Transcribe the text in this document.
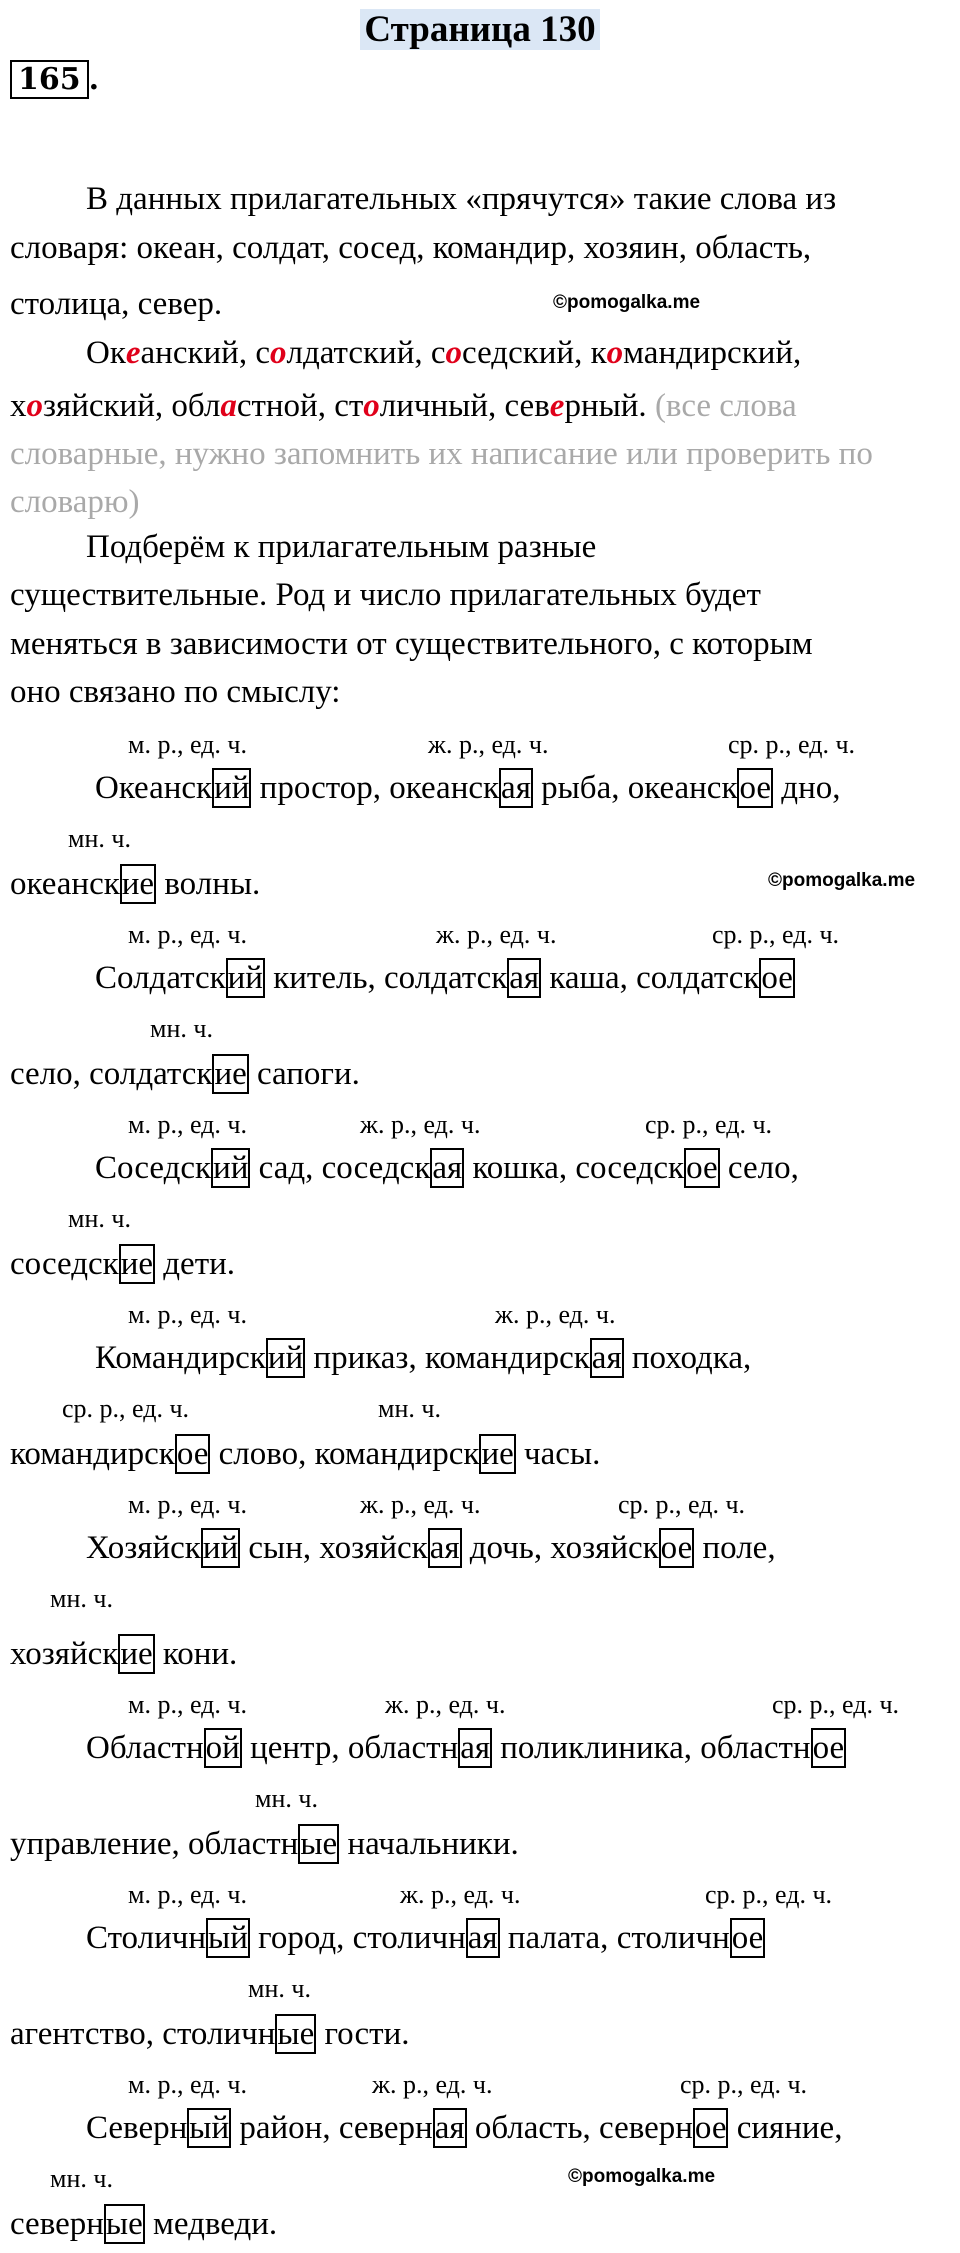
Страница 130
165 .
В данных прилагательных «прячутся» такие слова из
словаря: океан, солдат, сосед, командир, хозяин, область,
столица, север.	©pomogalka.me
Океанский, солдатский, соседский, командирский,
хозяйский, областной, столичный, северный. (все слова
словарные, нужно запомнить их написание или проверить по
словарю)
Подберём к прилагательным разные
существительные. Род и число прилагательных будет
меняться в зависимости от существительного, с которым
оно связано по смыслу:
м. р., ед. ч.	ж. р., ед. ч.	ср. р., ед. ч.
Океанский простор, океанская рыба, океанское дно,
мн. ч.
океанские волны.	©pomogalka.me
м. р., ед. ч.	ж. р., ед. ч.	ср. р., ед. ч.
Солдатский китель, солдатская каша, солдатское
мн. ч.
село, солдатские сапоги.
м. р., ед. ч.	ж. р., ед. ч.	ср. р., ед. ч.
Соседский сад, соседская кошка, соседское село,
мн. ч.
соседские дети.
м. р., ед. ч.	ж. р., ед. ч.
Командирский приказ, командирская походка,
ср. р., ед. ч.	мн. ч.
командирское слово, командирские часы.
м. р., ед. ч.	ж. р., ед. ч.	ср. р., ед. ч.
Хозяйский сын, хозяйская дочь, хозяйское поле,
мн. ч.
хозяйские кони.
м. р., ед. ч.	ж. р., ед. ч.	ср. р., ед. ч.
Областной центр, областная поликлиника, областное
мн. ч.
управление, областные начальники.
м. р., ед. ч.	ж. р., ед. ч.	ср. р., ед. ч.
Столичный город, столичная палата, столичное
мн. ч.
агентство, столичные гости.
м. р., ед. ч.	ж. р., ед. ч.	ср. р., ед. ч.
Северный район, северная область, северное сияние,
мн. ч.	©pomogalka.me
северные медведи.
